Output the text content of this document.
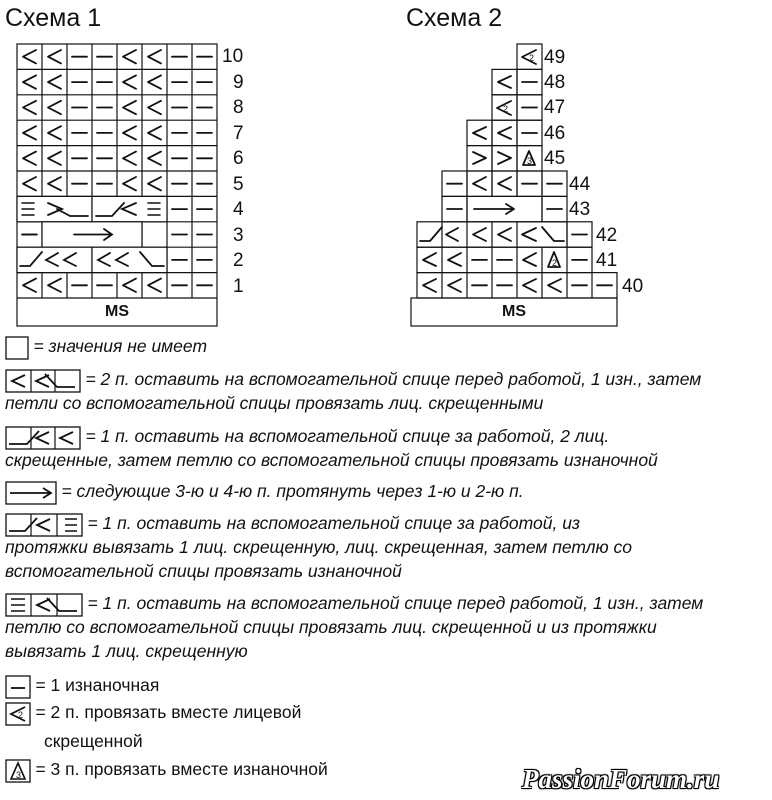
Схема 1	Схема 2
10
9
8
7
6
5
4
3
2
1
MS
2
2
3
2
49
48
47
46
45
44
43
42
41
40
MS
= значения не имеет
= 2 п. оставить на вспомогательной спице перед работой, 1 изн., затем
петли со вспомогательной спицы провязать лиц. скрещенными
= 1 п. оставить на вспомогательной спице за работой, 2 лиц.
скрещенные, затем петлю со вспомогательной спицы провязать изнаночной
= следующие 3-ю и 4-ю п. протянуть через 1-ю и 2-ю п.
= 1 п. оставить на вспомогательной спице за работой, из
протяжки вывязать 1 лиц. скрещенную, лиц. скрещенная, затем петлю со
вспомогательной спицы провязать изнаночной
= 1 п. оставить на вспомогательной спице перед работой, 1 изн., затем
петлю со вспомогательной спицы провязать лиц. скрещенной и из протяжки
вывязать 1 лиц. скрещенную
= 1 изнаночная
2 = 2 п. провязать вместе лицевой
скрещенной
3 = 3 п. провязать вместе изнаночной	PassionForum.ru
